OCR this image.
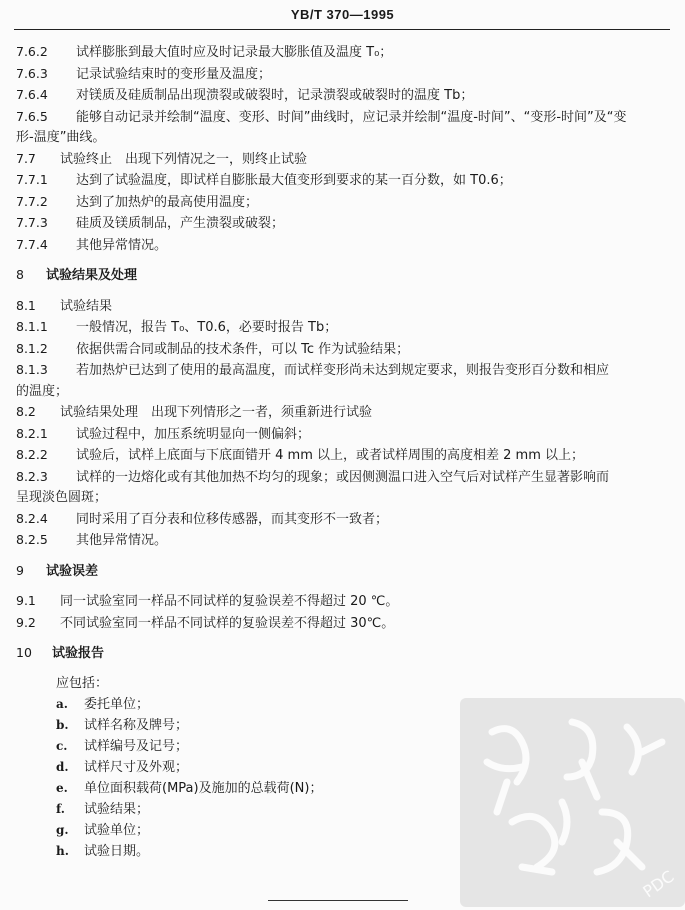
YB/T 370—1995
7.6.2 试样膨胀到最大值时应及时记录最大膨胀值及温度 T₀；
7.6.3 记录试验结束时的变形量及温度；
7.6.4 对镁质及硅质制品出现溃裂或破裂时，记录溃裂或破裂时的温度 Tb；
7.6.5 能够自动记录并绘制“温度、变形、时间”曲线时，应记录并绘制“温度-时间”、“变形-时间”及“变
形-温度”曲线。
7.7 试验终止　出现下列情况之一，则终止试验
7.7.1 达到了试验温度，即试样自膨胀最大值变形到要求的某一百分数，如 T0.6；
7.7.2 达到了加热炉的最高使用温度；
7.7.3 硅质及镁质制品，产生溃裂或破裂；
7.7.4 其他异常情况。
8 试验结果及处理
8.1 试验结果
8.1.1 一般情况，报告 T₀、T0.6，必要时报告 Tb；
8.1.2 依据供需合同或制品的技术条件，可以 Tc 作为试验结果；
8.1.3 若加热炉已达到了使用的最高温度，而试样变形尚未达到规定要求，则报告变形百分数和相应
的温度；
8.2 试验结果处理　出现下列情形之一者，须重新进行试验
8.2.1 试验过程中，加压系统明显向一侧偏斜；
8.2.2 试验后，试样上底面与下底面错开 4 mm 以上，或者试样周围的高度相差 2 mm 以上；
8.2.3 试样的一边熔化或有其他加热不均匀的现象；或因侧测温口进入空气后对试样产生显著影响而
呈现淡色圆斑；
8.2.4 同时采用了百分表和位移传感器，而其变形不一致者；
8.2.5 其他异常情况。
9 试验误差
9.1 同一试验室同一样品不同试样的复验误差不得超过 20 ℃。
9.2 不同试验室同一样品不同试样的复验误差不得超过 30℃。
10 试验报告
应包括：
a. 委托单位；
b. 试样名称及牌号；
c. 试样编号及记号；
d. 试样尺寸及外观；
e. 单位面积载荷(MPa)及施加的总载荷(N)；
f. 试验结果；
g. 试验单位；
h. 试验日期。
PDC
